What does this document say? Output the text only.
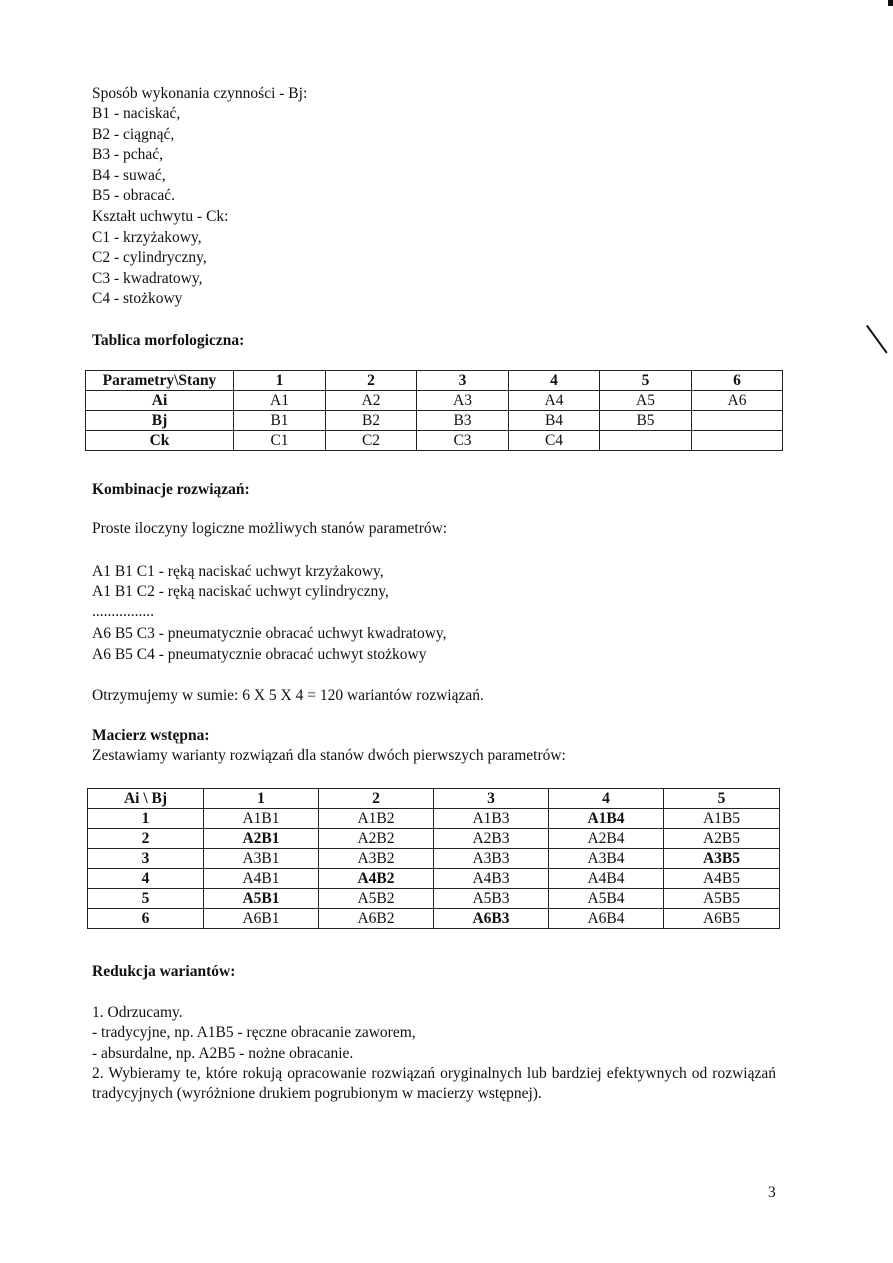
Sposób wykonania czynności - Bj:
B1 - naciskać,
B2 - ciągnąć,
B3 - pchać,
B4 - suwać,
B5 - obracać.
Kształt uchwytu - Ck:
C1 - krzyżakowy,
C2 - cylindryczny,
C3 - kwadratowy,
C4 - stożkowy
Tablica morfologiczna:
Parametry\Stany	1	2	3	4	5	6
Ai	A1	A2	A3	A4	A5	A6
Bj	B1	B2	B3	B4	B5	
Ck	C1	C2	C3	C4		
Kombinacje rozwiązań:
Proste iloczyny logiczne możliwych stanów parametrów:
A1 B1 C1 - ręką naciskać uchwyt krzyżakowy,
A1 B1 C2 - ręką naciskać uchwyt cylindryczny,
................
A6 B5 C3 - pneumatycznie obracać uchwyt kwadratowy,
A6 B5 C4 - pneumatycznie obracać uchwyt stożkowy
Otrzymujemy w sumie: 6 X 5 X 4 = 120 wariantów rozwiązań.
Macierz wstępna:
Zestawiamy warianty rozwiązań dla stanów dwóch pierwszych parametrów:
Ai \ Bj	1	2	3	4	5
1	A1B1	A1B2	A1B3	A1B4	A1B5
2	A2B1	A2B2	A2B3	A2B4	A2B5
3	A3B1	A3B2	A3B3	A3B4	A3B5
4	A4B1	A4B2	A4B3	A4B4	A4B5
5	A5B1	A5B2	A5B3	A5B4	A5B5
6	A6B1	A6B2	A6B3	A6B4	A6B5
Redukcja wariantów:
1. Odrzucamy.
- tradycyjne, np. A1B5 - ręczne obracanie zaworem,
- absurdalne, np. A2B5 - nożne obracanie.
2. Wybieramy te, które rokują opracowanie rozwiązań oryginalnych lub bardziej efektywnych od rozwiązań tradycyjnych (wyróżnione drukiem pogrubionym w macierzy wstępnej).
3
